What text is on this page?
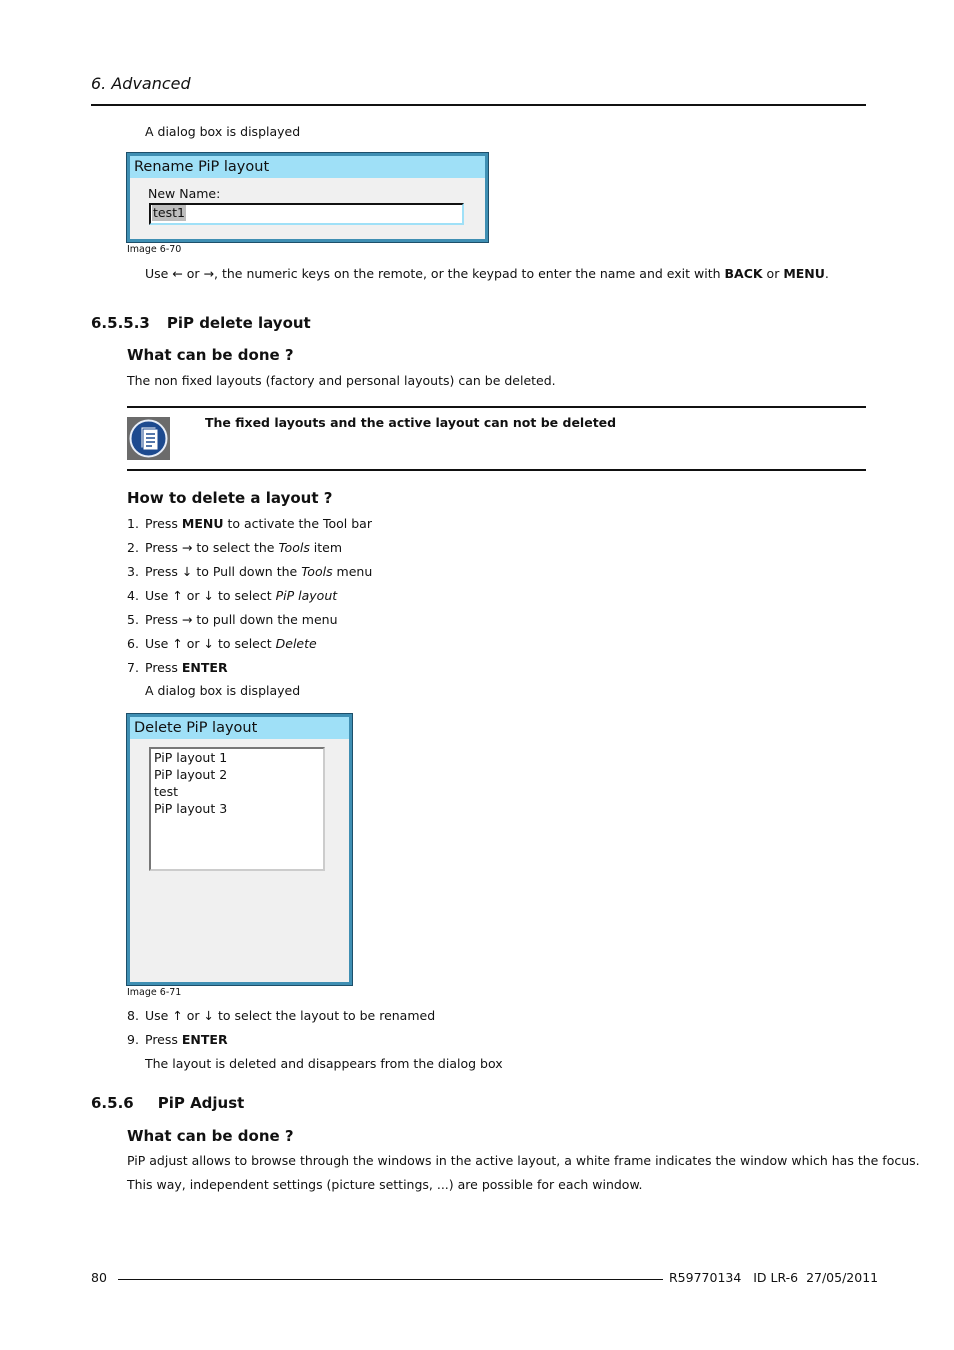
6. Advanced
A dialog box is displayed
Rename PiP layout
New Name:
test1
Image 6-70
Use ← or →, the numeric keys on the remote, or the keypad to enter the name and exit with BACK or MENU.
6.5.5.3 PiP delete layout
What can be done ?
The non fixed layouts (factory and personal layouts) can be deleted.
The fixed layouts and the active layout can not be deleted
How to delete a layout ?
1. Press MENU to activate the Tool bar
2. Press → to select the Tools item
3. Press ↓ to Pull down the Tools menu
4. Use ↑ or ↓ to select PiP layout
5. Press → to pull down the menu
6. Use ↑ or ↓ to select Delete
7. Press ENTER
A dialog box is displayed
Delete PiP layout
PiP layout 1
PiP layout 2
test
PiP layout 3
Image 6-71
8. Use ↑ or ↓ to select the layout to be renamed
9. Press ENTER
The layout is deleted and disappears from the dialog box
6.5.6 PiP Adjust
What can be done ?
PiP adjust allows to browse through the windows in the active layout, a white frame indicates the window which has the focus.
This way, independent settings (picture settings, ...) are possible for each window.
80	R59770134   ID LR-6  27/05/2011
